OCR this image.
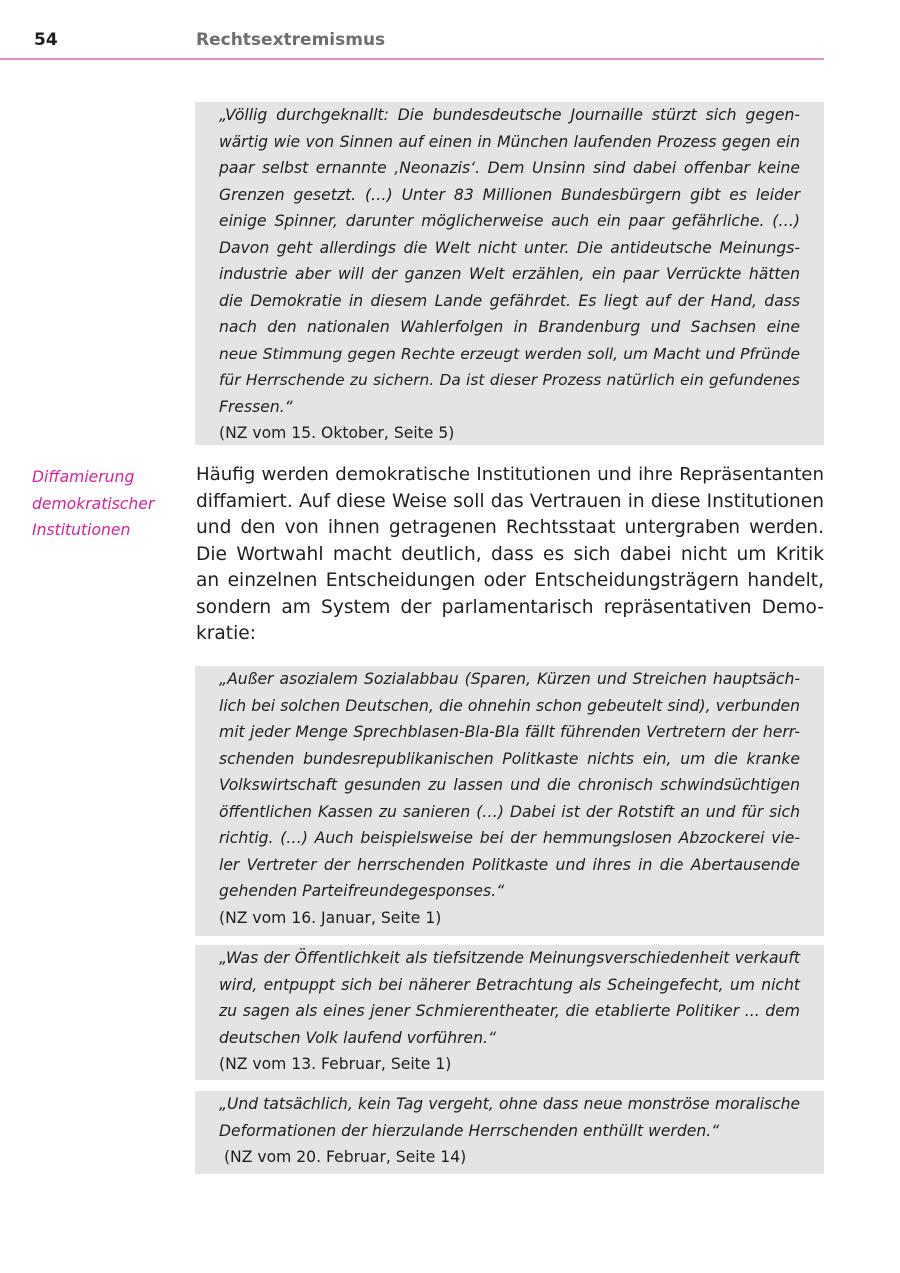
54	Rechtsextremismus
„Völlig durchgeknallt: Die bundesdeutsche Journaille stürzt sich gegen-
wärtig wie von Sinnen auf einen in München laufenden Prozess gegen ein
paar selbst ernannte ‚Neonazis‘. Dem Unsinn sind dabei offenbar keine
Grenzen gesetzt. (…) Unter 83 Millionen Bundesbürgern gibt es leider
einige Spinner, darunter möglicherweise auch ein paar gefährliche. (…)
Davon geht allerdings die Welt nicht unter. Die antideutsche Meinungs-
industrie aber will der ganzen Welt erzählen, ein paar Verrückte hätten
die Demokratie in diesem Lande gefährdet. Es liegt auf der Hand, dass
nach den nationalen Wahlerfolgen in Brandenburg und Sachsen eine
neue Stimmung gegen Rechte erzeugt werden soll, um Macht und Pfründe
für Herrschende zu sichern. Da ist dieser Prozess natürlich ein gefundenes
Fressen.“
(NZ vom 15. Oktober, Seite 5)
Diffamierung
demokratischer
Institutionen
Häufig werden demokratische Institutionen und ihre Repräsentanten
diffamiert. Auf diese Weise soll das Vertrauen in diese Institutionen
und den von ihnen getragenen Rechtsstaat untergraben werden.
Die Wortwahl macht deutlich, dass es sich dabei nicht um Kritik
an einzelnen Entscheidungen oder Entscheidungsträgern handelt,
sondern am System der parlamentarisch repräsentativen Demo-
kratie:
„Außer asozialem Sozialabbau (Sparen, Kürzen und Streichen hauptsäch-
lich bei solchen Deutschen, die ohnehin schon gebeutelt sind), verbunden
mit jeder Menge Sprechblasen-Bla-Bla fällt führenden Vertretern der herr-
schenden bundesrepublikanischen Politkaste nichts ein, um die kranke
Volkswirtschaft gesunden zu lassen und die chronisch schwindsüchtigen
öffentlichen Kassen zu sanieren (…) Dabei ist der Rotstift an und für sich
richtig. (…) Auch beispielsweise bei der hemmungslosen Abzockerei vie-
ler Vertreter der herrschenden Politkaste und ihres in die Abertausende
gehenden Parteifreundegesponses.“
(NZ vom 16. Januar, Seite 1)
„Was der Öffentlichkeit als tiefsitzende Meinungsverschiedenheit verkauft
wird, entpuppt sich bei näherer Betrachtung als Scheingefecht, um nicht
zu sagen als eines jener Schmierentheater, die etablierte Politiker ... dem
deutschen Volk laufend vorführen.“
(NZ vom 13. Februar, Seite 1)
„Und tatsächlich, kein Tag vergeht, ohne dass neue monströse moralische
Deformationen der hierzulande Herrschenden enthüllt werden.“
(NZ vom 20. Februar, Seite 14)
